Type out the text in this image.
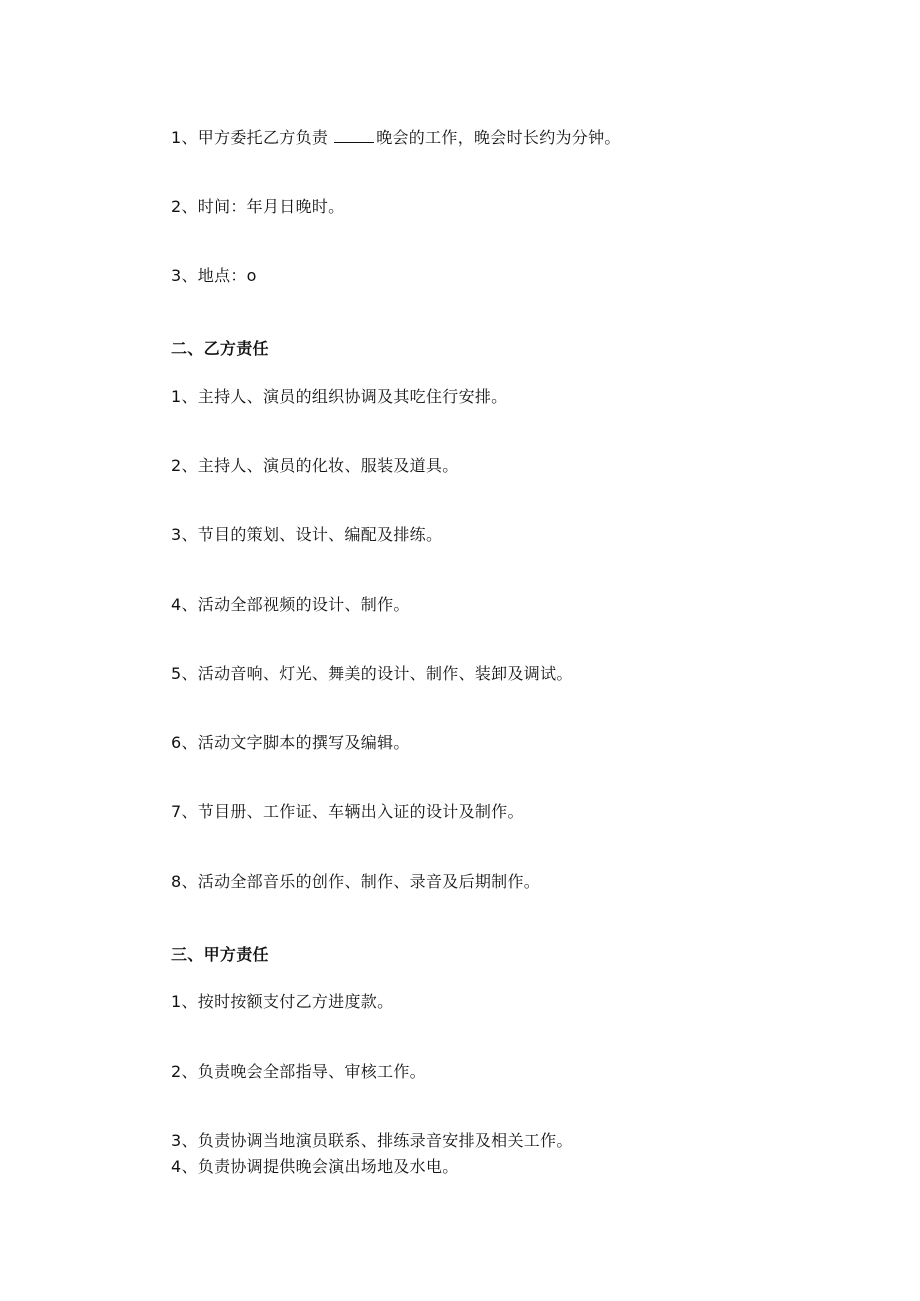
1、甲方委托乙方负责	晚会的工作，晚会时长约为分钟。
2、时间：年月日晚时。
3、地点：o
二、乙方责任
1、主持人、演员的组织协调及其吃住行安排。
2、主持人、演员的化妆、服装及道具。
3、节目的策划、设计、编配及排练。
4、活动全部视频的设计、制作。
5、活动音响、灯光、舞美的设计、制作、装卸及调试。
6、活动文字脚本的撰写及编辑。
7、节目册、工作证、车辆出入证的设计及制作。
8、活动全部音乐的创作、制作、录音及后期制作。
三、甲方责任
1、按时按额支付乙方进度款。
2、负责晚会全部指导、审核工作。
3、负责协调当地演员联系、排练录音安排及相关工作。
4、负责协调提供晚会演出场地及水电。
